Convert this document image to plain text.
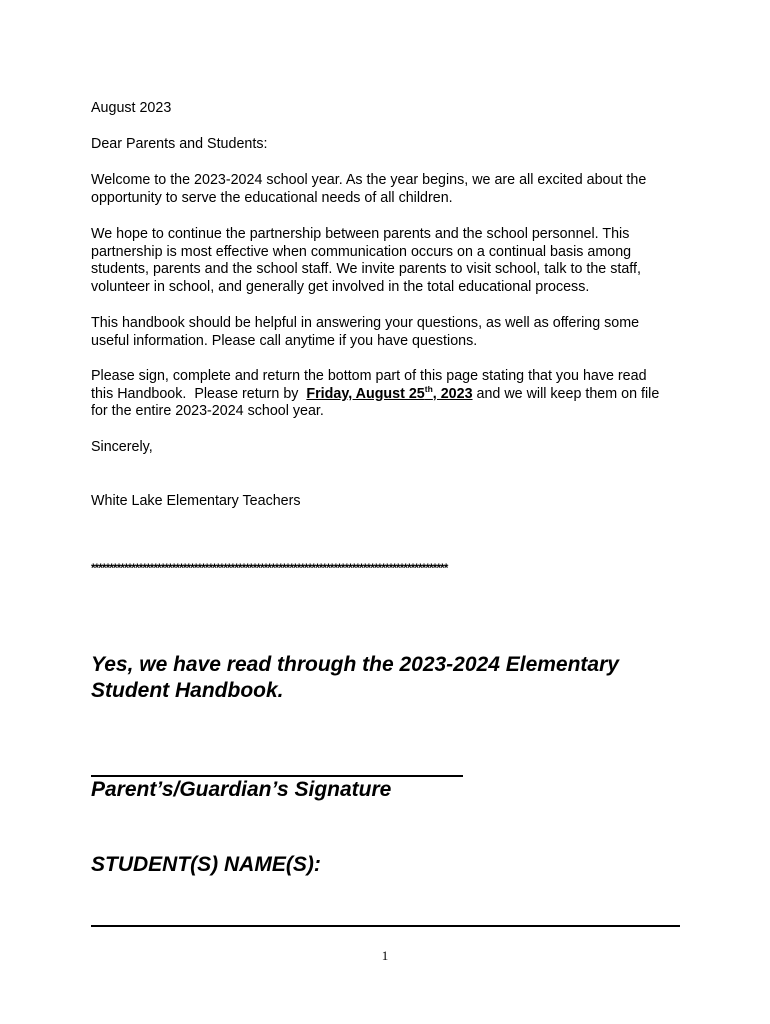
August 2023
Dear Parents and Students:
Welcome to the 2023-2024 school year. As the year begins, we are all excited about the
opportunity to serve the educational needs of all children.
We hope to continue the partnership between parents and the school personnel. This
partnership is most effective when communication occurs on a continual basis among
students, parents and the school staff. We invite parents to visit school, talk to the staff,
volunteer in school, and generally get involved in the total educational process.
This handbook should be helpful in answering your questions, as well as offering some
useful information. Please call anytime if you have questions.
Please sign, complete and return the bottom part of this page stating that you have read
this Handbook.  Please return by  Friday, August 25th, 2023 and we will keep them on file
for the entire 2023-2024 school year.
Sincerely,
White Lake Elementary Teachers
*************************************************************************************************
Yes, we have read through the 2023-2024 Elementary
Student Handbook.
Parent’s/Guardian’s Signature
STUDENT(S) NAME(S):
1
